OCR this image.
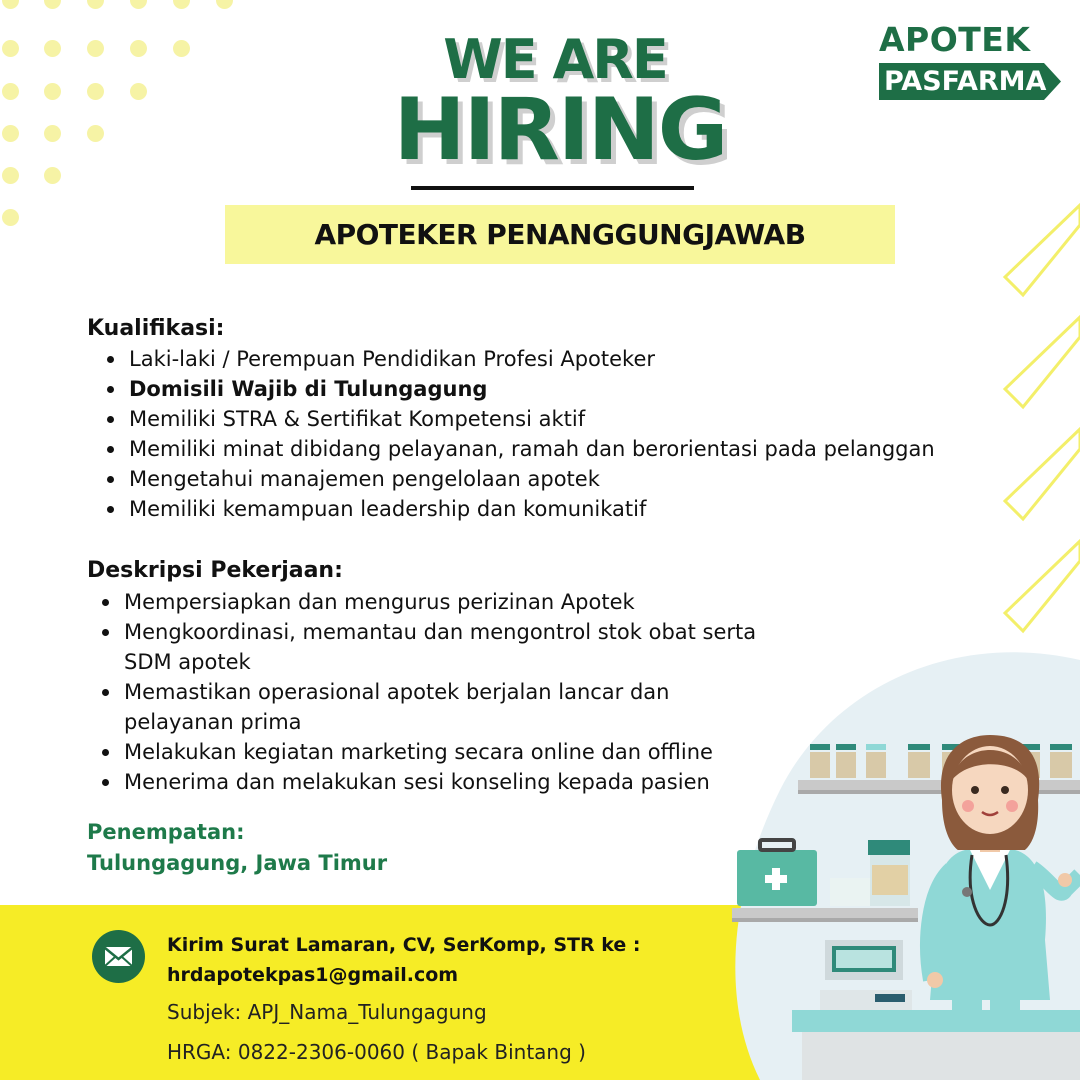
WE ARE
HIRING
APOTEKER PENANGGUNGJAWAB
APOTEK
PASFARMA
Kualifikasi:
Laki-laki / Perempuan Pendidikan Profesi Apoteker
Domisili Wajib di Tulungagung
Memiliki STRA & Sertifikat Kompetensi aktif
Memiliki minat dibidang pelayanan, ramah dan berorientasi pada pelanggan
Mengetahui manajemen pengelolaan apotek
Memiliki kemampuan leadership dan komunikatif
Deskripsi Pekerjaan:
Mempersiapkan dan mengurus perizinan Apotek
Mengkoordinasi, memantau dan mengontrol stok obat serta SDM apotek
Memastikan operasional apotek berjalan lancar dan pelayanan prima
Melakukan kegiatan marketing secara online dan offline
Menerima dan melakukan sesi konseling kepada pasien
Penempatan:
Tulungagung, Jawa Timur
Kirim Surat Lamaran, CV, SerKomp, STR ke :
hrdapotekpas1@gmail.com
Subjek: APJ_Nama_Tulungagung
HRGA: 0822-2306-0060 ( Bapak Bintang )
